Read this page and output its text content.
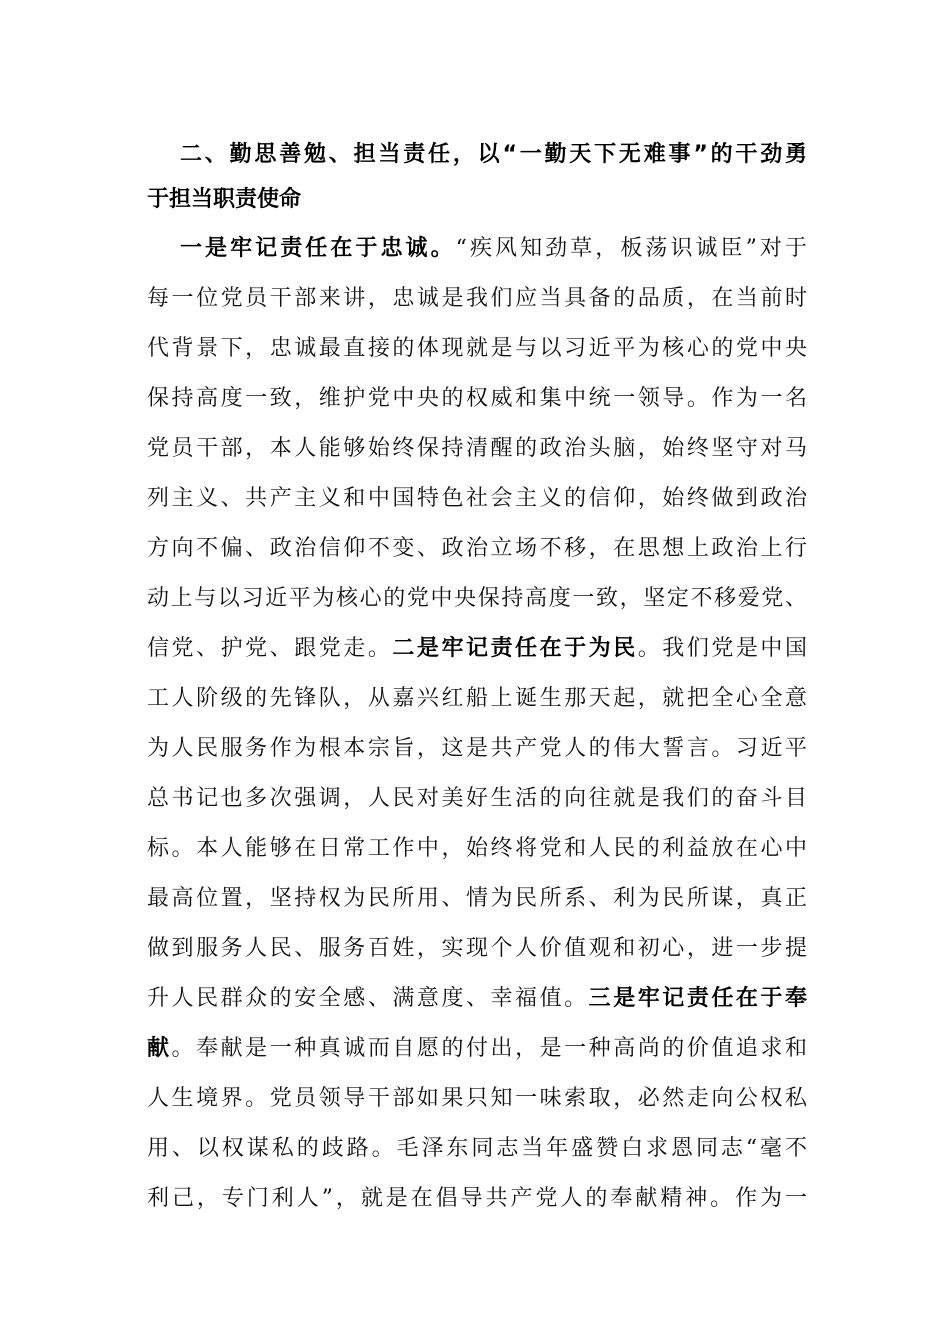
二、勤思善勉、担当责任，以“一勤天下无难事”的干劲勇
于担当职责使命
一是牢记责任在于忠诚。“疾风知劲草，板荡识诚臣”对于
每一位党员干部来讲，忠诚是我们应当具备的品质，在当前时
代背景下，忠诚最直接的体现就是与以习近平为核心的党中央
保持高度一致，维护党中央的权威和集中统一领导。作为一名
党员干部，本人能够始终保持清醒的政治头脑，始终坚守对马
列主义、共产主义和中国特色社会主义的信仰，始终做到政治
方向不偏、政治信仰不变、政治立场不移，在思想上政治上行
动上与以习近平为核心的党中央保持高度一致，坚定不移爱党、
信党、护党、跟党走。二是牢记责任在于为民。我们党是中国
工人阶级的先锋队，从嘉兴红船上诞生那天起，就把全心全意
为人民服务作为根本宗旨，这是共产党人的伟大誓言。习近平
总书记也多次强调，人民对美好生活的向往就是我们的奋斗目
标。本人能够在日常工作中，始终将党和人民的利益放在心中
最高位置，坚持权为民所用、情为民所系、利为民所谋，真正
做到服务人民、服务百姓，实现个人价值观和初心，进一步提
升人民群众的安全感、满意度、幸福值。三是牢记责任在于奉
献。奉献是一种真诚而自愿的付出，是一种高尚的价值追求和
人生境界。党员领导干部如果只知一味索取，必然走向公权私
用、以权谋私的歧路。毛泽东同志当年盛赞白求恩同志“毫不
利己，专门利人”，就是在倡导共产党人的奉献精神。作为一
